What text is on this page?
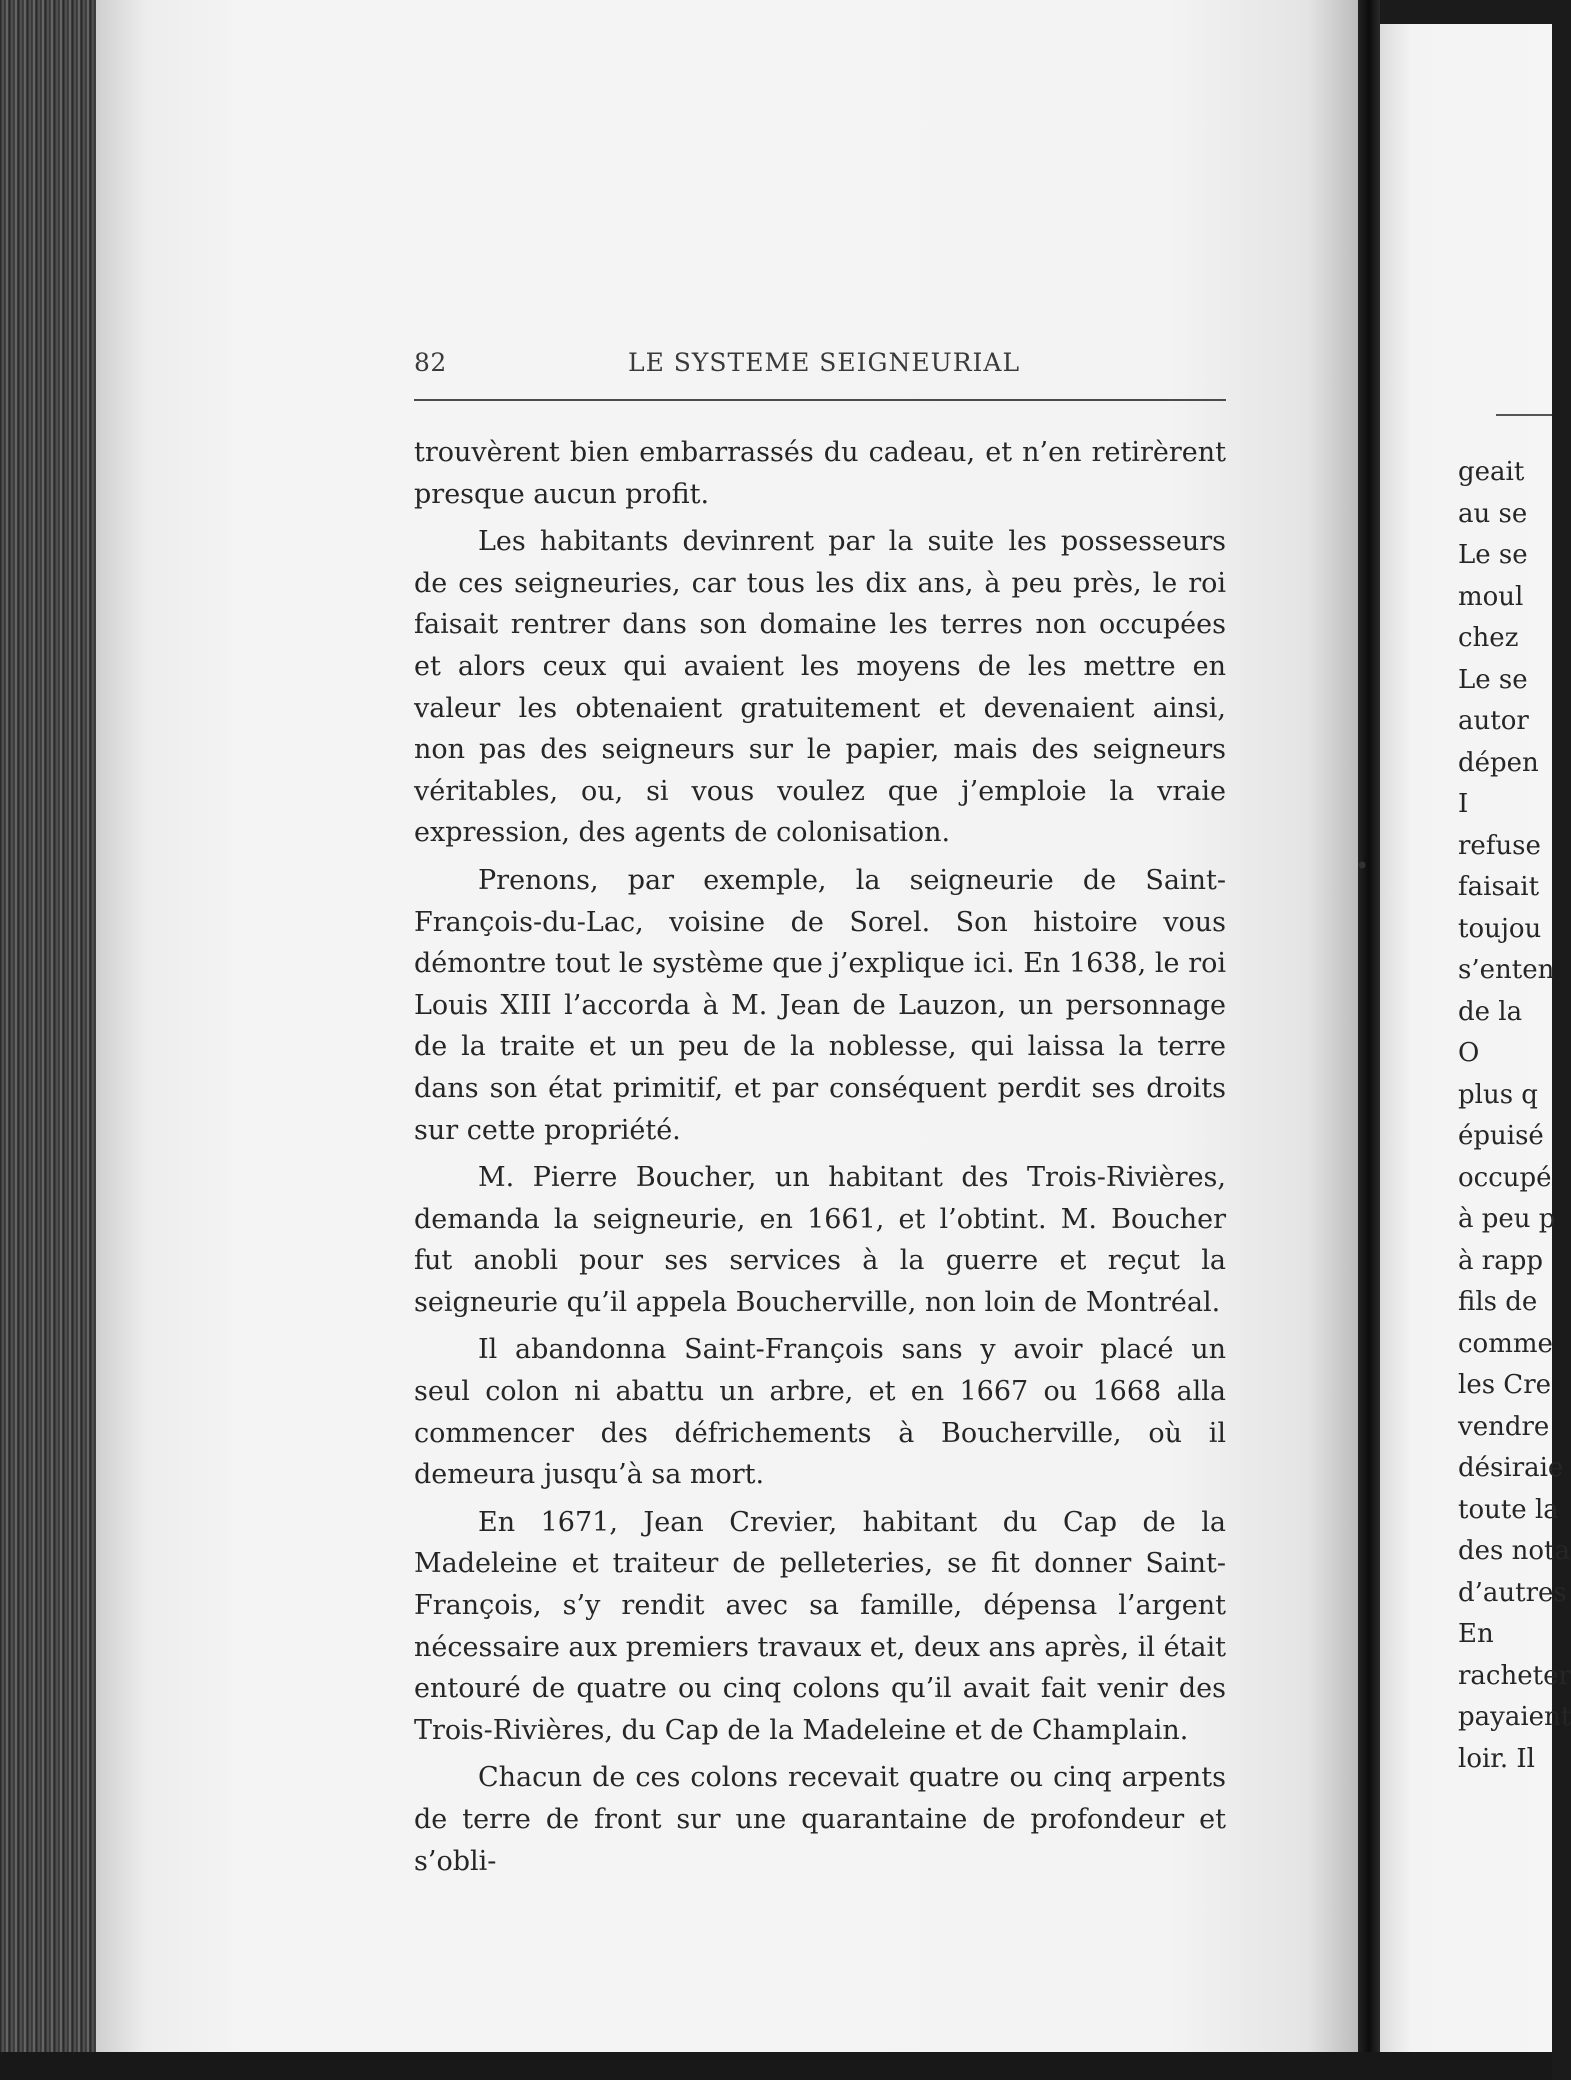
82	LE SYSTEME SEIGNEURIAL

trouvèrent bien embarrassés du cadeau, et n’en retirèrent presque aucun profit.

Les habitants devinrent par la suite les possesseurs de ces seigneuries, car tous les dix ans, à peu près, le roi faisait rentrer dans son domaine les terres non occupées et alors ceux qui avaient les moyens de les mettre en valeur les obtenaient gratuitement et devenaient ainsi, non pas des seigneurs sur le papier, mais des seigneurs véritables, ou, si vous voulez que j’emploie la vraie expression, des agents de colonisation.

Prenons, par exemple, la seigneurie de Saint-François-du-Lac, voisine de Sorel. Son histoire vous démontre tout le système que j’explique ici. En 1638, le roi Louis XIII l’accorda à M. Jean de Lauzon, un personnage de la traite et un peu de la noblesse, qui laissa la terre dans son état primitif, et par conséquent perdit ses droits sur cette propriété.

M. Pierre Boucher, un habitant des Trois-Rivières, demanda la seigneurie, en 1661, et l’obtint. M. Boucher fut anobli pour ses services à la guerre et reçut la seigneurie qu’il appela Boucherville, non loin de Montréal.

Il abandonna Saint-François sans y avoir placé un seul colon ni abattu un arbre, et en 1667 ou 1668 alla commencer des défrichements à Boucherville, où il demeura jusqu’à sa mort.

En 1671, Jean Crevier, habitant du Cap de la Madeleine et traiteur de pelleteries, se fit donner Saint-François, s’y rendit avec sa famille, dépensa l’argent nécessaire aux premiers travaux et, deux ans après, il était entouré de quatre ou cinq colons qu’il avait fait venir des Trois-Rivières, du Cap de la Madeleine et de Champlain.

Chacun de ces colons recevait quatre ou cinq arpents de terre de front sur une quarantaine de profondeur et s’obli-

•
geait
au se
Le se
moul
chez
Le se
autor
dépen
I
refuse
faisait
toujou
s’enten
de la
O
plus q
épuisé
occupé
à peu p
à rapp
fils de
comme
les Cre
vendre
désiraie
toute la
des nota
d’autres
En
racheter
payaient
loir. Il
